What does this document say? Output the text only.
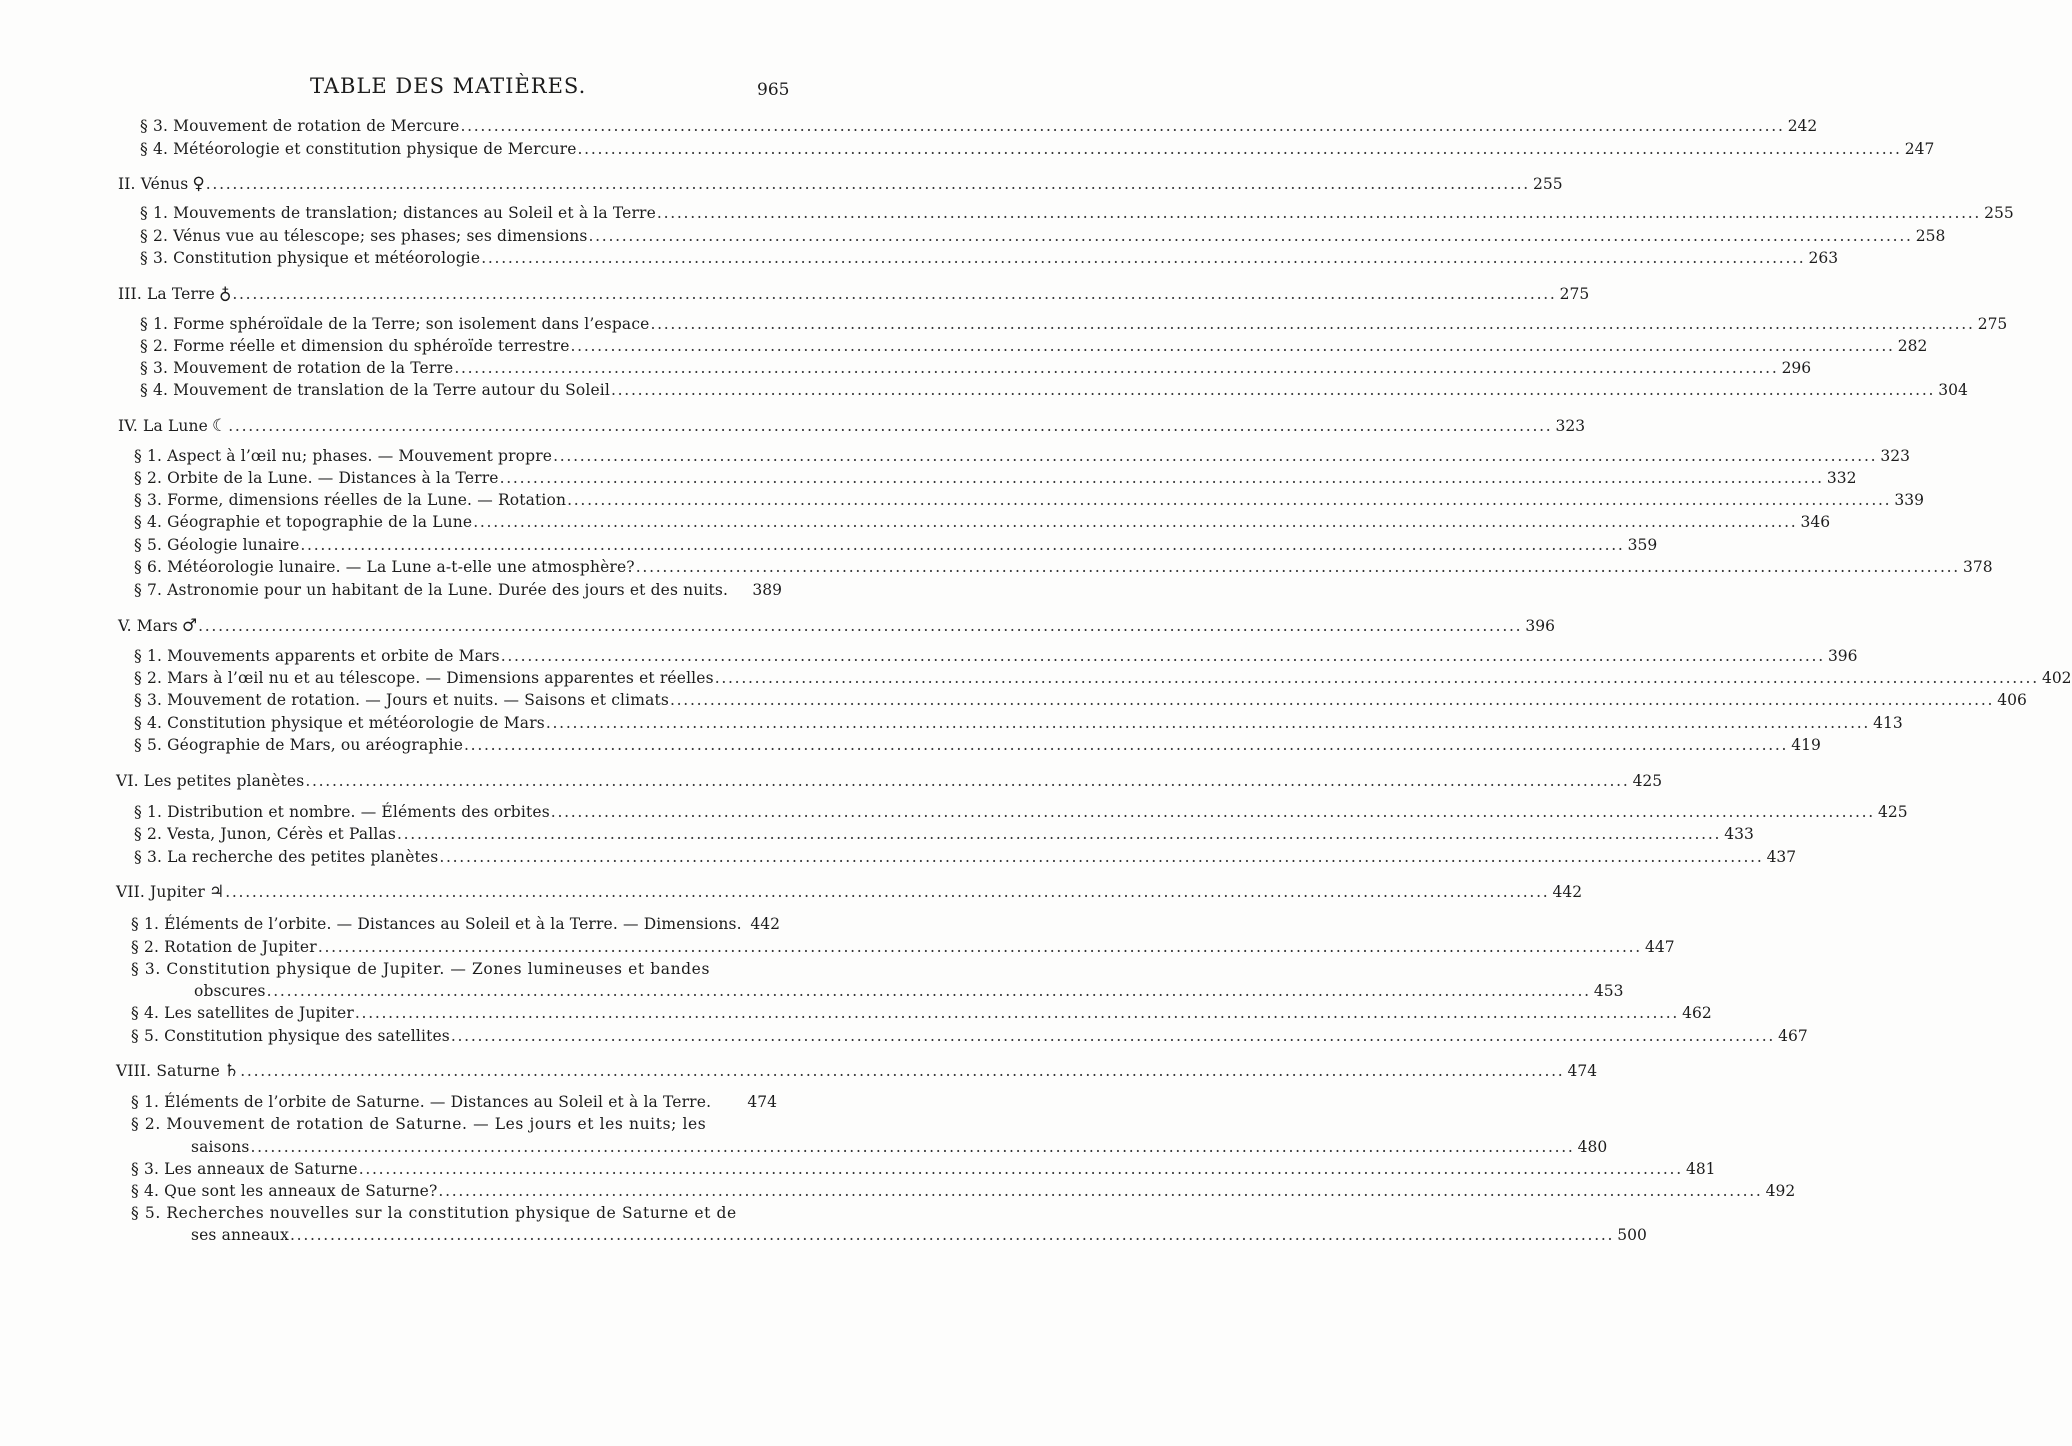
TABLE DES MATIÈRES.	965
§ 3. Mouvement de rotation de Mercure . . .	242
§ 4. Météorologie et constitution physique de Mercure . . .	247
II. Vénus ♀ . . .	255
§ 1. Mouvements de translation; distances au Soleil et à la Terre . . .	255
§ 2. Vénus vue au télescope; ses phases; ses dimensions . . .	258
§ 3. Constitution physique et météorologie . . .	263
III. La Terre ♁ . . .	275
§ 1. Forme sphéroïdale de la Terre; son isolement dans l’espace . . .	275
§ 2. Forme réelle et dimension du sphéroïde terrestre . . .	282
§ 3. Mouvement de rotation de la Terre . . .	296
§ 4. Mouvement de translation de la Terre autour du Soleil . . .	304
IV. La Lune ☾ . . .	323
§ 1. Aspect à l’œil nu; phases. — Mouvement propre . . .	323
§ 2. Orbite de la Lune. — Distances à la Terre . . .	332
§ 3. Forme, dimensions réelles de la Lune. — Rotation . . .	339
§ 4. Géographie et topographie de la Lune . . .	346
§ 5. Géologie lunaire . . .	359
§ 6. Météorologie lunaire. — La Lune a-t-elle une atmosphère? . . .	378
§ 7. Astronomie pour un habitant de la Lune. Durée des jours et des nuits. 389
V. Mars ♂ . . .	396
§ 1. Mouvements apparents et orbite de Mars . . .	396
§ 2. Mars à l’œil nu et au télescope. — Dimensions apparentes et réelles . . .	402
§ 3. Mouvement de rotation. — Jours et nuits. — Saisons et climats . . .	406
§ 4. Constitution physique et météorologie de Mars . . .	413
§ 5. Géographie de Mars, ou aréographie . . .	419
VI. Les petites planètes . . .	425
§ 1. Distribution et nombre. — Éléments des orbites . . .	425
§ 2. Vesta, Junon, Cérès et Pallas . . .	433
§ 3. La recherche des petites planètes . . .	437
VII. Jupiter ♃ . . .	442
§ 1. Éléments de l’orbite. — Distances au Soleil et à la Terre. — Dimensions. 442
§ 2. Rotation de Jupiter . . .	447
§ 3. Constitution physique de Jupiter. — Zones lumineuses et bandes
obscures . . .	453
§ 4. Les satellites de Jupiter . . .	462
§ 5. Constitution physique des satellites . . .	467
VIII. Saturne ♄ . . .	474
§ 1. Éléments de l’orbite de Saturne. — Distances au Soleil et à la Terre. 474
§ 2. Mouvement de rotation de Saturne. — Les jours et les nuits; les
saisons . . .	480
§ 3. Les anneaux de Saturne . . .	481
§ 4. Que sont les anneaux de Saturne? . . .	492
§ 5. Recherches nouvelles sur la constitution physique de Saturne et de
ses anneaux . . .	500
